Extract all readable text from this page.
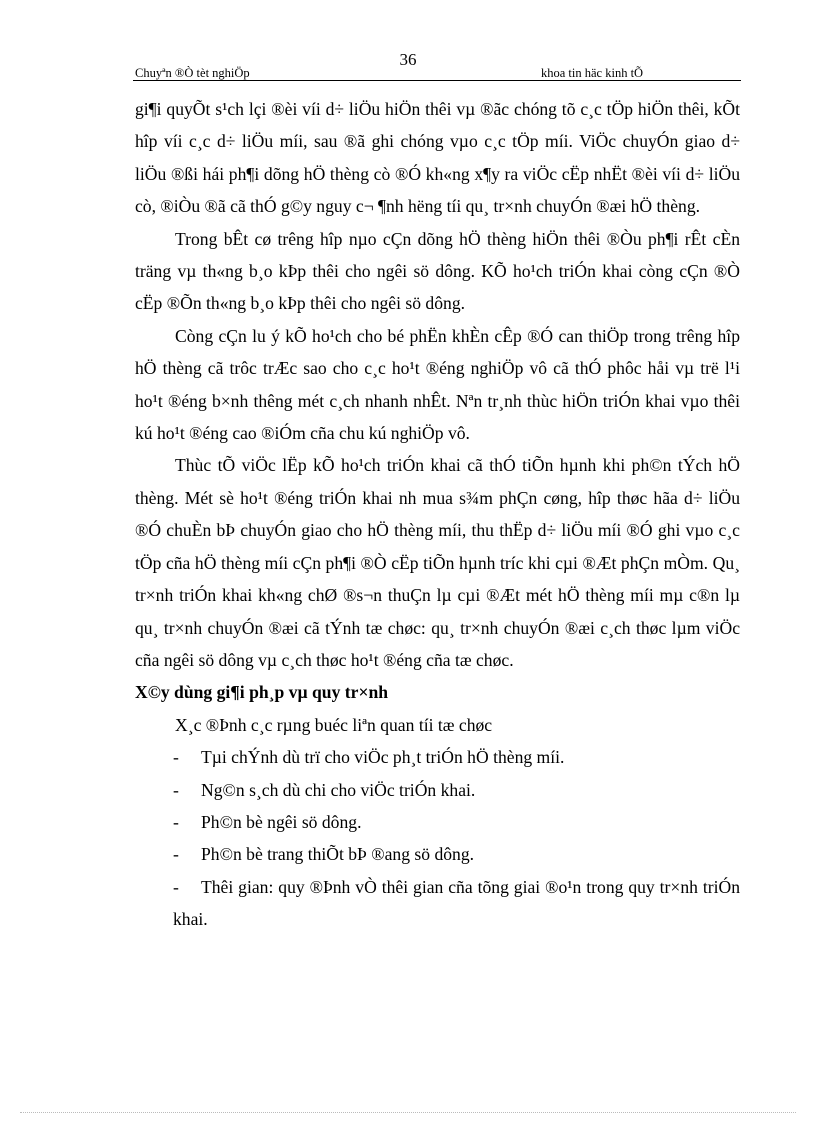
36
Chuyªn ®Ò tèt nghiÖp	khoa tin häc kinh tÕ

gi¶i quyÕt s¹ch lçi ®èi víi d÷ liÖu hiÖn thêi vµ ®ãc chóng tõ c¸c tÖp hiÖn thêi, kÕt hîp víi c¸c d÷ liÖu míi, sau ®ã ghi chóng vµo c¸c tÖp míi. ViÖc chuyÓn giao d÷ liÖu ®ßi hái ph¶i dõng hÖ thèng cò ®Ó kh«ng x¶y ra viÖc cËp nhËt ®èi víi d÷ liÖu cò, ®iÒu ®ã cã thÓ g©y nguy c¬ ¶nh hëng tíi qu¸ tr×nh chuyÓn ®æi hÖ thèng.

Trong bÊt cø trêng hîp nµo cÇn dõng hÖ thèng hiÖn thêi ®Òu ph¶i rÊt cÈn träng vµ th«ng b¸o kÞp thêi cho ngêi sö dông. KÕ ho¹ch triÓn khai còng cÇn ®Ò cËp ®Õn th«ng b¸o kÞp thêi cho ngêi sö dông.

Còng cÇn lu ý kÕ ho¹ch cho bé phËn khÈn cÊp ®Ó can thiÖp trong trêng hîp hÖ thèng cã trôc trÆc sao cho c¸c ho¹t ®éng nghiÖp vô cã thÓ phôc håi vµ trë l¹i ho¹t ®éng b×nh thêng mét c¸ch nhanh nhÊt. Nªn tr¸nh thùc hiÖn triÓn khai vµo thêi kú ho¹t ®éng cao ®iÓm cña chu kú nghiÖp vô.

Thùc tÕ viÖc lËp kÕ ho¹ch triÓn khai cã thÓ tiÕn hµnh khi ph©n tÝch hÖ thèng. Mét sè ho¹t ®éng triÓn khai nh mua s¾m phÇn cøng, hîp thøc hãa d÷ liÖu ®Ó chuÈn bÞ chuyÓn giao cho hÖ thèng míi, thu thËp d÷ liÖu míi ®Ó ghi vµo c¸c tÖp cña hÖ thèng míi cÇn ph¶i ®Ò cËp tiÕn hµnh tríc khi cµi ®Æt phÇn mÒm. Qu¸ tr×nh triÓn khai kh«ng chØ ®s¬n thuÇn lµ cµi ®Æt mét hÖ thèng míi mµ c®n lµ qu¸ tr×nh chuyÓn ®æi cã tÝnh tæ chøc: qu¸ tr×nh chuyÓn ®æi c¸ch thøc lµm viÖc cña ngêi sö dông vµ c¸ch thøc ho¹t ®éng cña tæ chøc.

X©y dùng gi¶i ph¸p vµ quy tr×nh

X¸c ®Þnh c¸c rµng buéc liªn quan tíi tæ chøc

- Tµi chÝnh dù trï cho viÖc ph¸t triÓn hÖ thèng míi.

- Ng©n s¸ch dù chi cho viÖc triÓn khai.

- Ph©n bè ngêi sö dông.

- Ph©n bè trang thiÕt bÞ ®ang sö dông.

- Thêi gian: quy ®Þnh vÒ thêi gian cña tõng giai ®o¹n trong quy tr×nh triÓn khai.
